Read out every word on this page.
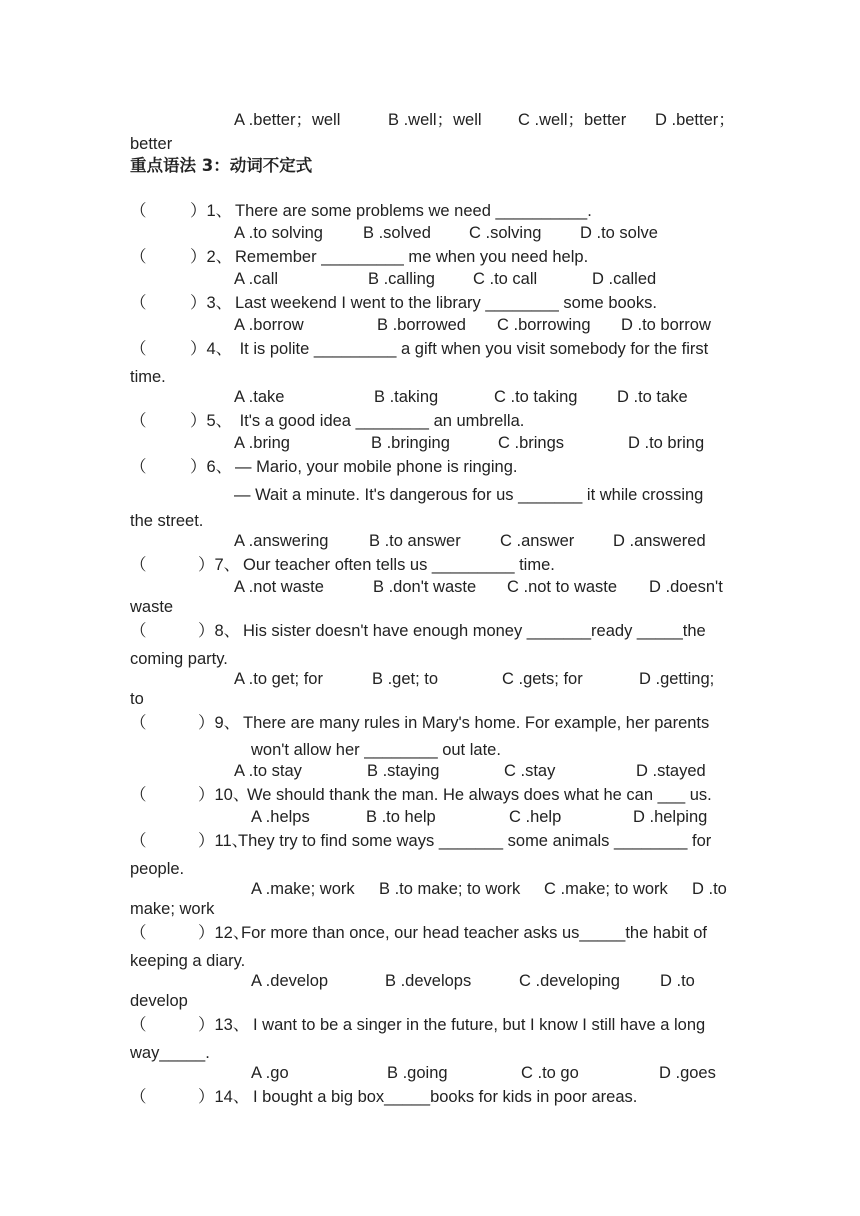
A .better；well	B .well；well C .well；better D .better；
better
重点语法 3：动词不定式
（	）1、 There are some problems we need __________.
A .to solving B .solved C .solving D .to solve
（	）2、 Remember _________ me when you need help.
A .call	B .calling C .to call	D .called
（	）3、 Last weekend I went to the library ________ some books.
A .borrow	B .borrowed C .borrowing D .to borrow
（	）4、 It is polite _________ a gift when you visit somebody for the first
time.
A .take	B .taking	C .to taking D .to take
（	）5、 It's a good idea ________ an umbrella.
A .bring	B .bringing	C .brings	D .to bring
（	）6、 — Mario, your mobile phone is ringing.
— Wait a minute. It's dangerous for us _______ it while crossing
the street.
A .answering B .to answer C .answer D .answered
（	）7、 Our teacher often tells us _________ time.
A .not waste	B .don't waste C .not to waste D .doesn't
waste
（	）8、 His sister doesn't have enough money _______ready _____the
coming party.
A .to get; for	B .get; to	C .gets; for	D .getting;
to
（	）9、 There are many rules in Mary's home. For example, her parents
won't allow her ________ out late.
A .to stay	B .staying	C .stay	D .stayed
（	）10、
We should thank the man. He always does what he can ___ us.
A .helps	B .to help	C .help	D .helping
（	）11、
They try to find some ways _______ some animals ________ for
people.
A .make; work B .to make; to work C .make; to work D .to
make; work
（	）12、
For more than once, our head teacher asks us_____the habit of
keeping a diary.
A .develop	B .develops	C .developing D .to
develop
（	）13、 I want to be a singer in the future, but I know I still have a long
way_____.
A .go	B .going	C .to go	D .goes
（	）14、 I bought a big box_____books for kids in poor areas.
